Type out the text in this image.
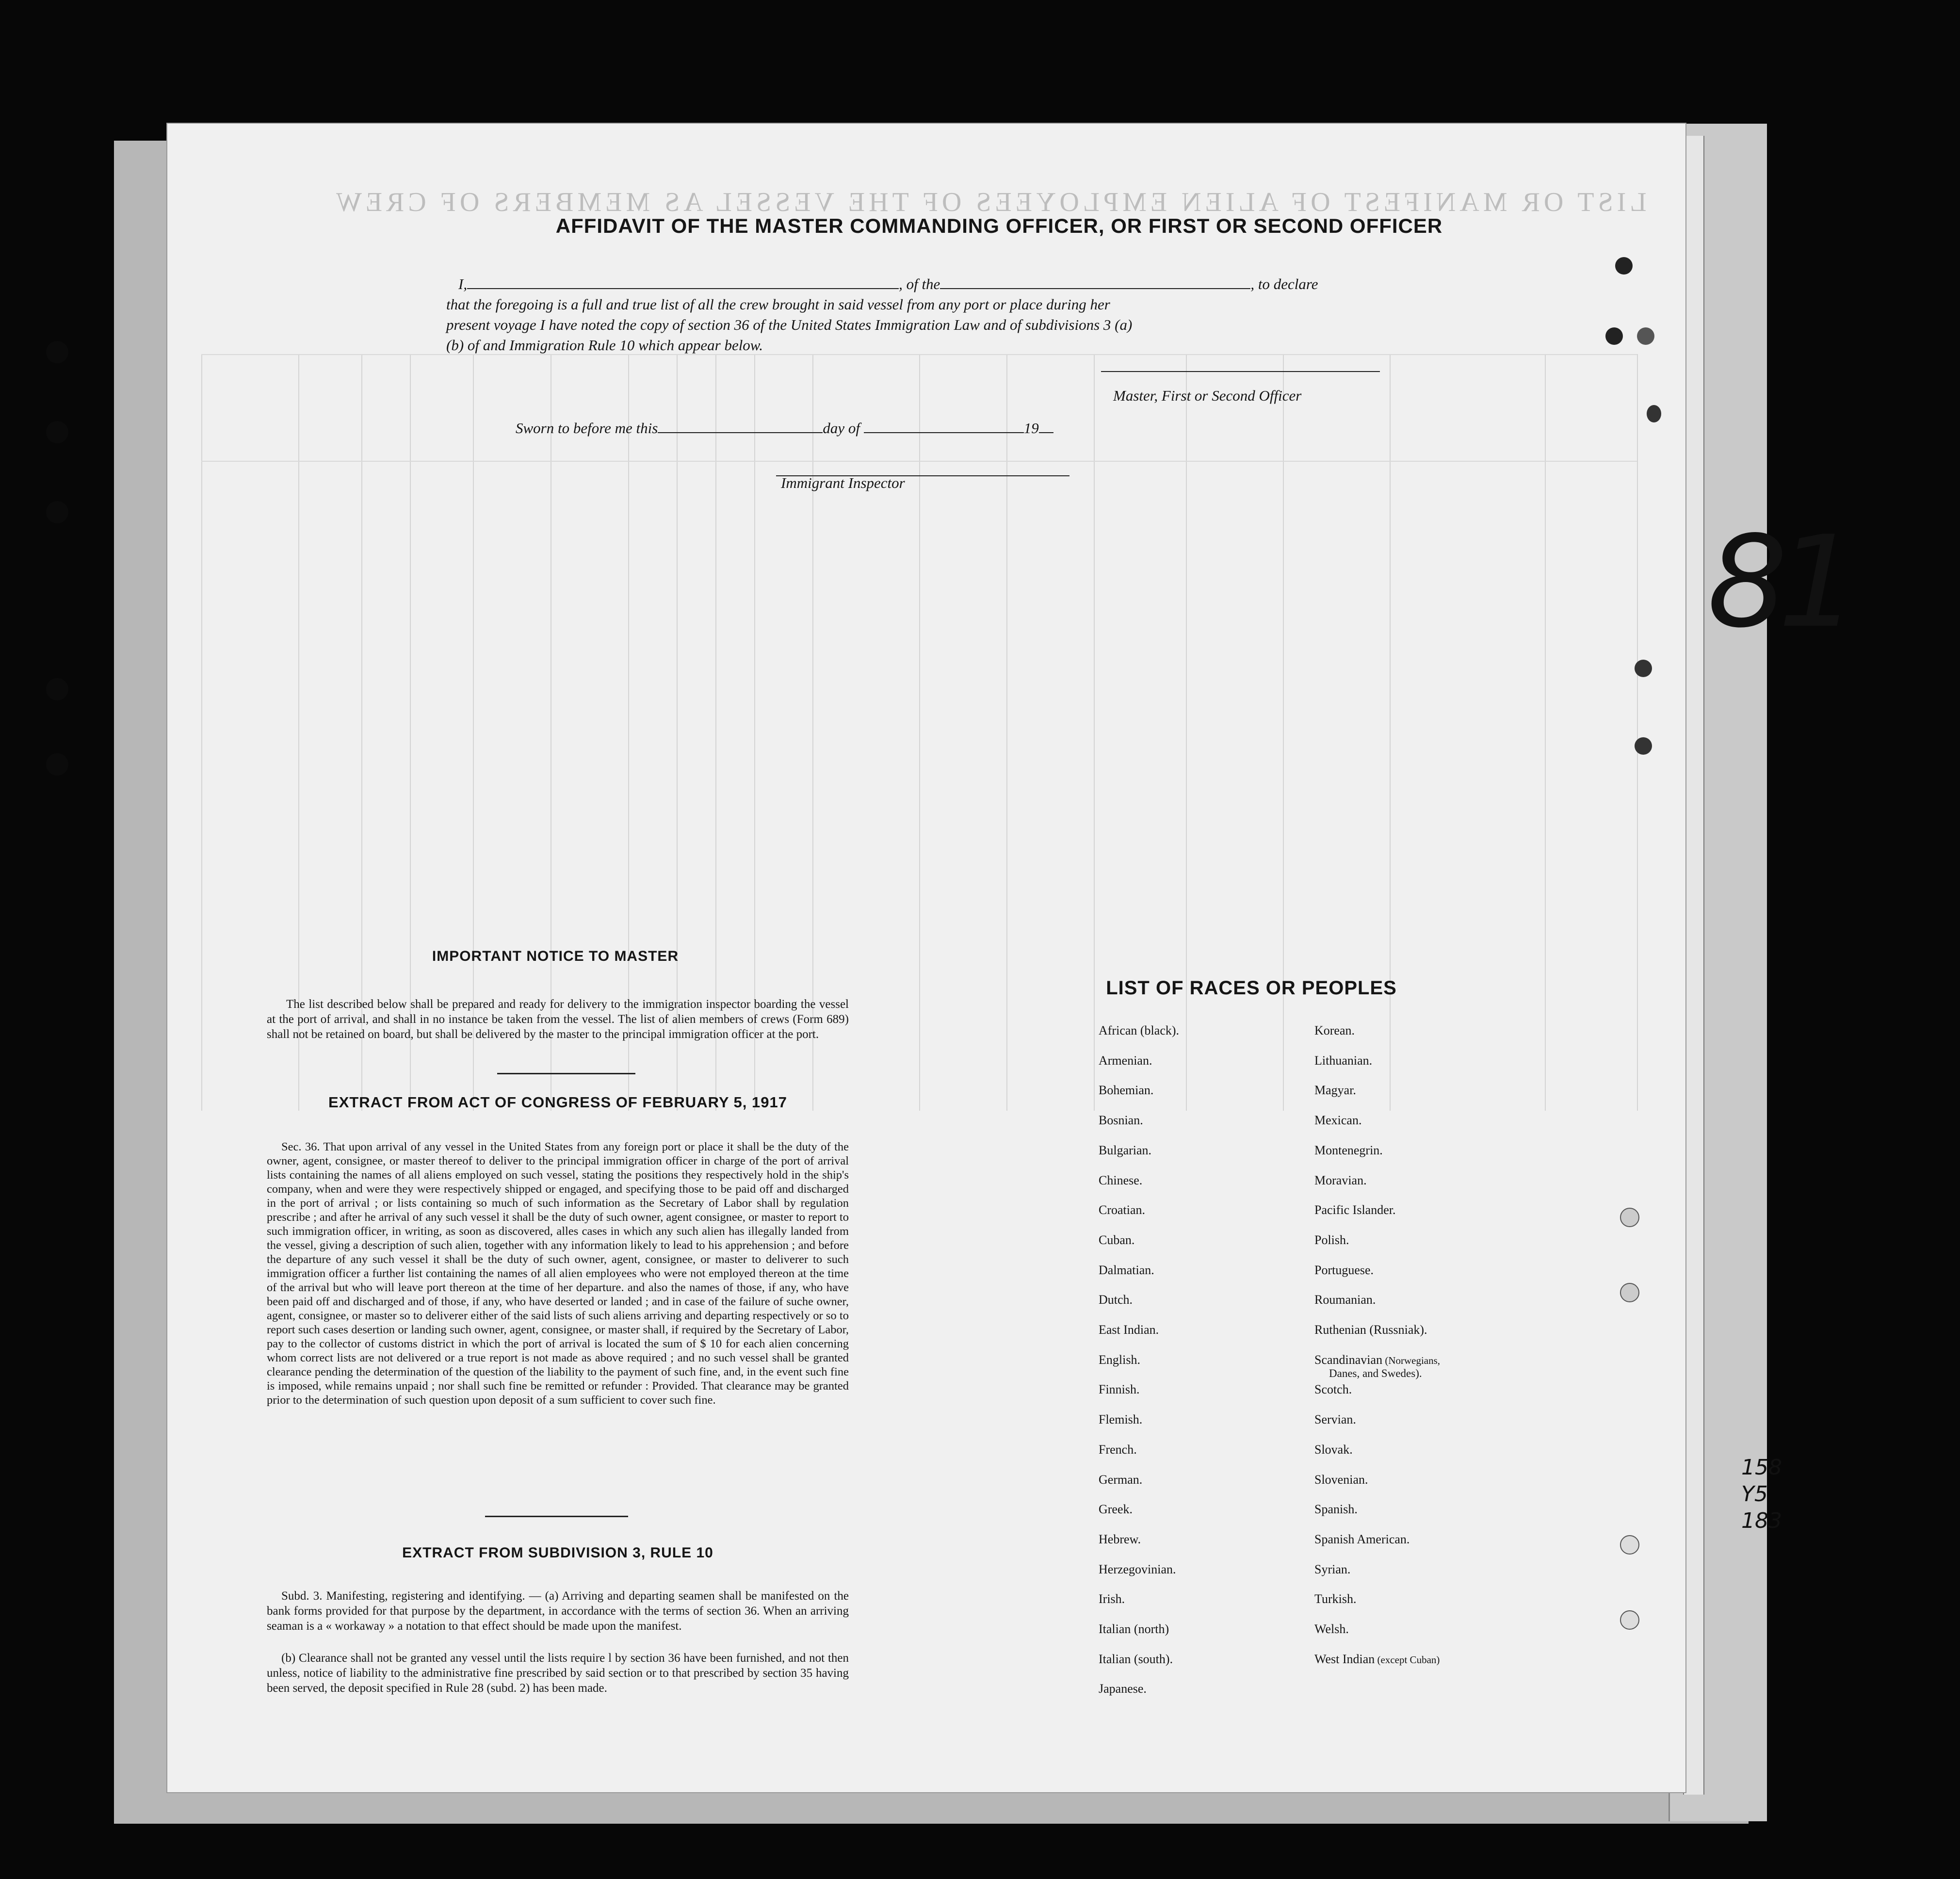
LIST OR MANIFEST OF ALIEN EMPLOYEES OF THE VESSEL AS MEMBERS OF CREW
AFFIDAVIT OF THE MASTER COMMANDING OFFICER, OR FIRST OR SECOND OFFICER
I,	, of the	, to declare
that the foregoing is a full and true list of all the crew brought in said vessel from any port or place during her
present voyage I have noted the copy of section 36 of the United States Immigration Law and of subdivisions 3 (a)
(b) of and Immigration Rule 10 which appear below.
Master, First or Second Officer
Sworn to before me this	day of	19
Immigrant Inspector
IMPORTANT NOTICE TO MASTER
The list described below shall be prepared and ready for delivery to the immigration inspector boarding the vessel at the port of arrival, and shall in no instance be taken from the vessel. The list of alien members of crews (Form 689) shall not be retained on board, but shall be delivered by the master to the principal immigration officer at the port.
EXTRACT FROM ACT OF CONGRESS OF FEBRUARY 5, 1917
Sec. 36. That upon arrival of any vessel in the United States from any foreign port or place it shall be the duty of the owner, agent, consignee, or master thereof to deliver to the principal immigration officer in charge of the port of arrival lists containing the names of all aliens employed on such vessel, stating the positions they respectively hold in the ship's company, when and were they were respectively shipped or engaged, and specifying those to be paid off and discharged in the port of arrival ; or lists containing so much of such information as the Secretary of Labor shall by regulation prescribe ; and after he arrival of any such vessel it shall be the duty of such owner, agent consignee, or master to report to such immigration officer, in writing, as soon as discovered, alles cases in which any such alien has illegally landed from the vessel, giving a description of such alien, together with any information likely to lead to his apprehension ; and before the departure of any such vessel it shall be the duty of such owner, agent, consignee, or master to deliverer to such immigration officer a further list containing the names of all alien employees who were not employed thereon at the time of the arrival but who will leave port thereon at the time of her departure. and also the names of those, if any, who have been paid off and discharged and of those, if any, who have deserted or landed ; and in case of the failure of suche owner, agent, consignee, or master so to deliverer either of the said lists of such aliens arriving and departing respectively or so to report such cases desertion or landing such owner, agent, consignee, or master shall, if required by the Secretary of Labor, pay to the collector of customs district in which the port of arrival is located the sum of $ 10 for each alien concerning whom correct lists are not delivered or a true report is not made as above required ; and no such vessel shall be granted clearance pending the determination of the question of the liability to the payment of such fine, and, in the event such fine is imposed, while remains unpaid ; nor shall such fine be remitted or refunder : Provided. That clearance may be granted prior to the determination of such question upon deposit of a sum sufficient to cover such fine.
EXTRACT FROM SUBDIVISION 3, RULE 10
Subd. 3. Manifesting, registering and identifying. — (a) Arriving and departing seamen shall be manifested on the bank forms provided for that purpose by the department, in accordance with the terms of section 36. When an arriving seaman is a « workaway » a notation to that effect should be made upon the manifest.
(b) Clearance shall not be granted any vessel until the lists require l by section 36 have been furnished, and not then unless, notice of liability to the administrative fine prescribed by said section or to that prescribed by section 35 having been served, the deposit specified in Rule 28 (subd. 2) has been made.
LIST OF RACES OR PEOPLES
African (black).
Armenian.
Bohemian.
Bosnian.
Bulgarian.
Chinese.
Croatian.
Cuban.
Dalmatian.
Dutch.
East Indian.
English.
Finnish.
Flemish.
French.
German.
Greek.
Hebrew.
Herzegovinian.
Irish.
Italian (north)
Italian (south).
Japanese.
Korean.
Lithuanian.
Magyar.
Mexican.
Montenegrin.
Moravian.
Pacific Islander.
Polish.
Portuguese.
Roumanian.
Ruthenian (Russniak).
Scandinavian (Norwegians,
Danes, and Swedes).
Scotch.
Servian.
Slovak.
Slovenian.
Spanish.
Spanish American.
Syrian.
Turkish.
Welsh.
West Indian (except Cuban)
81
158
Y5
183
